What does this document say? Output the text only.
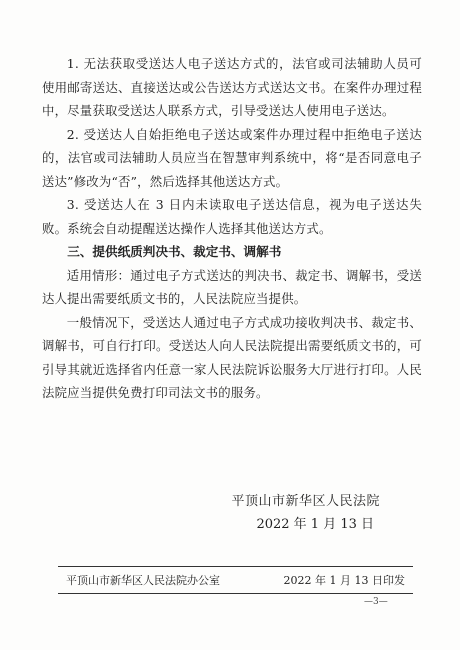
1. 无法获取受送达人电子送达方式的，法官或司法辅助人员可使用邮寄送达、直接送达或公告送达方式送达文书。在案件办理过程中，尽量获取受送达人联系方式，引导受送达人使用电子送达。

2. 受送达人自始拒绝电子送达或案件办理过程中拒绝电子送达的，法官或司法辅助人员应当在智慧审判系统中，将“是否同意电子送达”修改为“否”，然后选择其他送达方式。

3. 受送达人在 3 日内未读取电子送达信息，视为电子送达失败。系统会自动提醒送达操作人选择其他送达方式。

三、提供纸质判决书、裁定书、调解书

适用情形：通过电子方式送达的判决书、裁定书、调解书，受送达人提出需要纸质文书的，人民法院应当提供。

一般情况下，受送达人通过电子方式成功接收判决书、裁定书、调解书，可自行打印。受送达人向人民法院提出需要纸质文书的，可引导其就近选择省内任意一家人民法院诉讼服务大厅进行打印。人民法院应当提供免费打印司法文书的服务。

平顶山市新华区人民法院
2022 年 1 月 13 日
平顶山市新华区人民法院办公室	2022 年 1 月 13 日印发
—3—
